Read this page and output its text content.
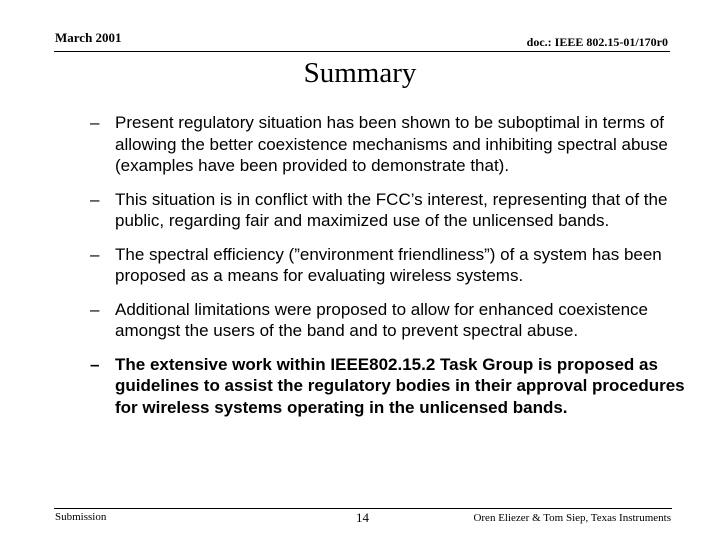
March 2001	doc.: IEEE 802.15-01/170r0
Summary
– Present regulatory situation has been shown to be suboptimal in terms of allowing the better coexistence mechanisms and inhibiting spectral abuse (examples have been provided to demonstrate that).
– This situation is in conflict with the FCC’s interest, representing that of the public, regarding fair and maximized use of the unlicensed bands.
– The spectral efficiency (”environment friendliness”) of a system has been proposed as a means for evaluating wireless systems.
– Additional limitations were proposed to allow for enhanced coexistence amongst the users of the band and to prevent spectral abuse.
– The extensive work within IEEE802.15.2 Task Group is proposed as guidelines to assist the regulatory bodies in their approval procedures for wireless systems operating in the unlicensed bands.
Submission	14	Oren Eliezer & Tom Siep, Texas Instruments
